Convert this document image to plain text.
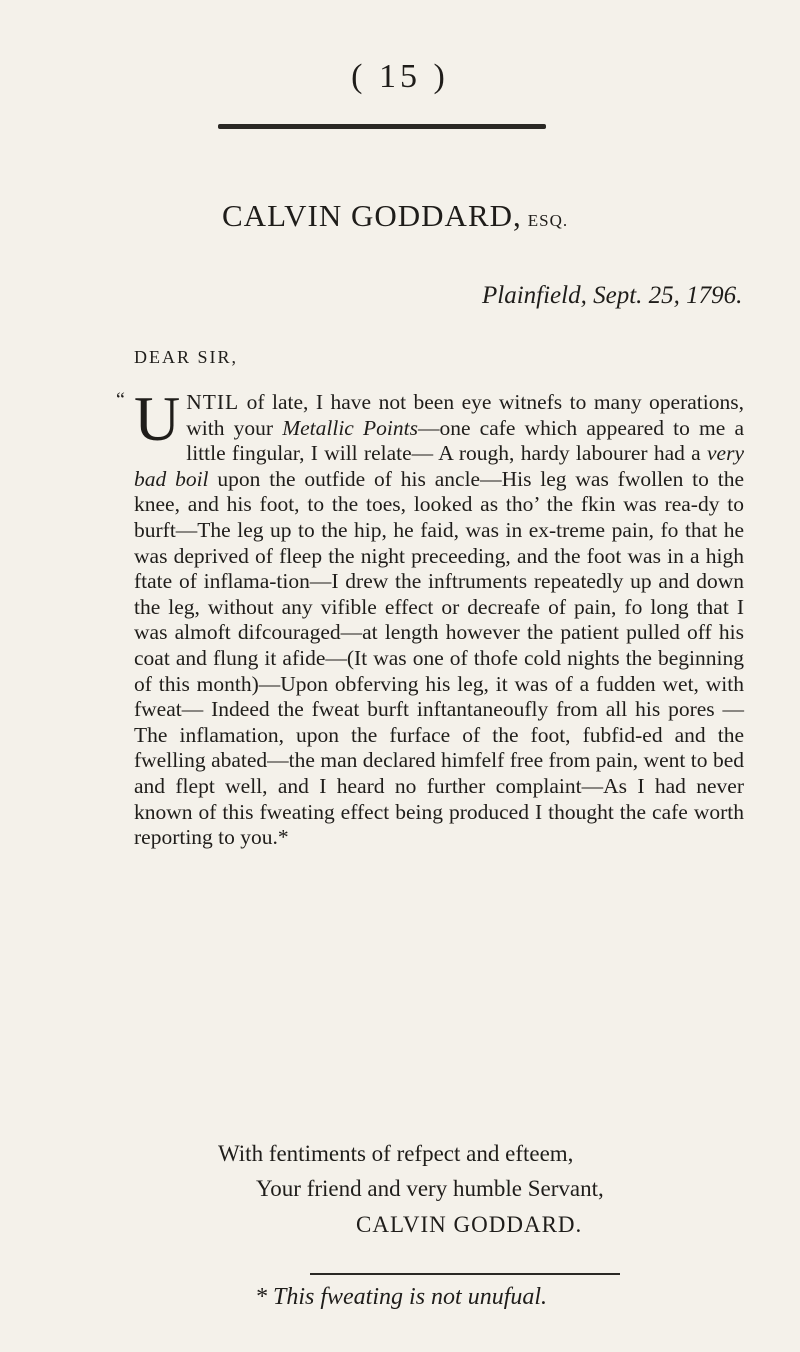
( 15 )
CALVIN GODDARD, ESQ.
Plainfield, Sept. 25, 1796.
DEAR SIR,
“ UNTIL of late, I have not been eye witnefs to many operations, with your Metallic Points—one cafe which appeared to me a little fingular, I will relate— A rough, hardy labourer had a very bad boil upon the outfide of his ancle—His leg was fwollen to the knee, and his foot, to the toes, looked as tho’ the fkin was rea-dy to burft—The leg up to the hip, he faid, was in ex-treme pain, fo that he was deprived of fleep the night preceeding, and the foot was in a high ftate of inflama-tion—I drew the inftruments repeatedly up and down the leg, without any vifible effect or decreafe of pain, fo long that I was almoft difcouraged—at length however the patient pulled off his coat and flung it afide—(It was one of thofe cold nights the beginning of this month)—Upon obferving his leg, it was of a fudden wet, with fweat— Indeed the fweat burft inftantaneoufly from all his pores —The inflamation, upon the furface of the foot, fubfid-ed and the fwelling abated—the man declared himfelf free from pain, went to bed and flept well, and I heard no further complaint—As I had never known of this fweating effect being produced I thought the cafe worth reporting to you.*

With fentiments of refpect and efteem,
Your friend and very humble Servant,
CALVIN GODDARD.
* This fweating is not unufual.
